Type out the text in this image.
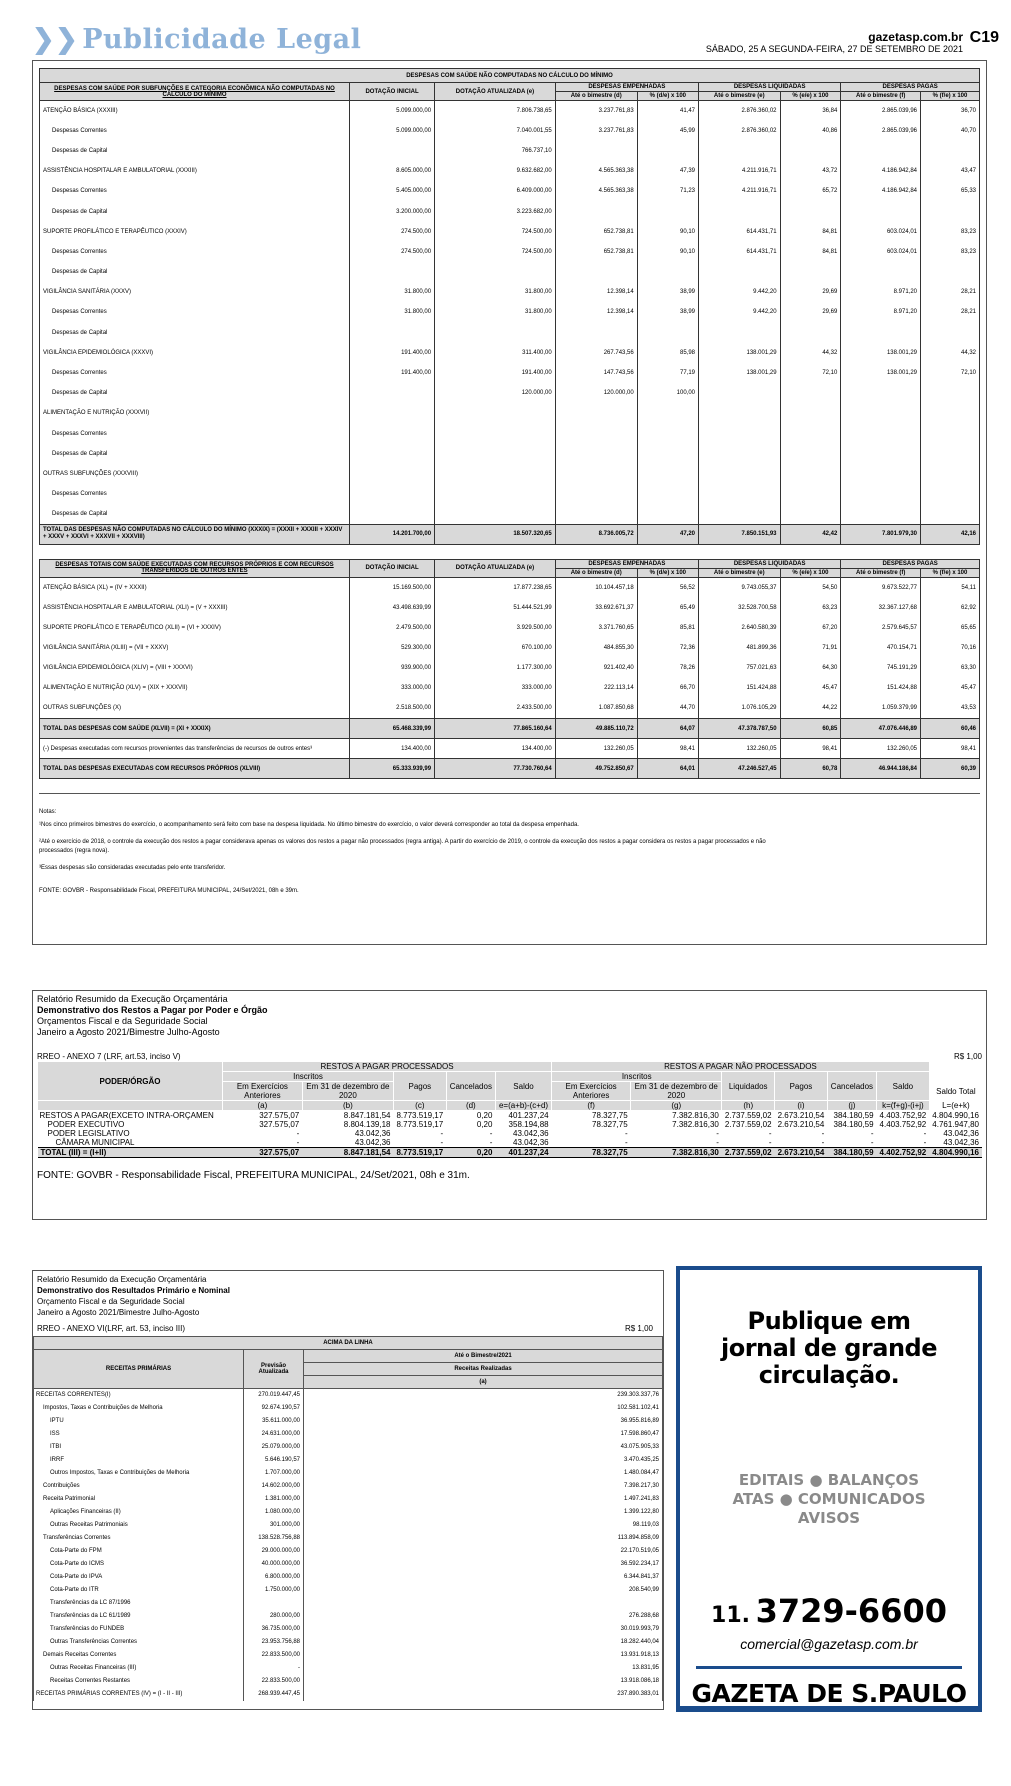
❯❯ Publicidade Legal	gazetasp.com.br
SÁBADO, 25 A SEGUNDA-FEIRA, 27 DE SETEMBRO DE 2021
C19
DESPESAS COM SAÚDE NÃO COMPUTADAS NO CÁLCULO DO MÍNIMO								
DESPESAS COM SAÚDE POR SUBFUNÇÕES E CATEGORIA ECONÔMICA NÃO COMPUTADAS NO CÁLCULO DO MÍNIMO	DOTAÇÃO INICIAL	DOTAÇÃO ATUALIZADA (e)	DESPESAS EMPENHADAS		DESPESAS LIQUIDADAS		DESPESAS PAGAS	
			Até o bimestre (d)	% (d/e) x 100	Até o bimestre (e)	% (e/e) x 100	Até o bimestre (f)	% (f/e) x 100
ATENÇÃO BÁSICA (XXXIII)	5.099.000,00	7.806.738,65	3.237.761,83	41,47	2.876.360,02	36,84	2.865.039,96	36,70
Despesas Correntes	5.099.000,00	7.040.001,55	3.237.761,83	45,99	2.876.360,02	40,86	2.865.039,96	40,70
Despesas de Capital		766.737,10						
ASSISTÊNCIA HOSPITALAR E AMBULATORIAL (XXXIII)	8.605.000,00	9.632.682,00	4.565.363,38	47,39	4.211.916,71	43,72	4.186.942,84	43,47
Despesas Correntes	5.405.000,00	6.409.000,00	4.565.363,38	71,23	4.211.916,71	65,72	4.186.942,84	65,33
Despesas de Capital	3.200.000,00	3.223.682,00						
SUPORTE PROFILÁTICO E TERAPÊUTICO (XXXIV)	274.500,00	724.500,00	652.738,81	90,10	614.431,71	84,81	603.024,01	83,23
Despesas Correntes	274.500,00	724.500,00	652.738,81	90,10	614.431,71	84,81	603.024,01	83,23
Despesas de Capital								
VIGILÂNCIA SANITÁRIA (XXXV)	31.800,00	31.800,00	12.398,14	38,99	9.442,20	29,69	8.971,20	28,21
Despesas Correntes	31.800,00	31.800,00	12.398,14	38,99	9.442,20	29,69	8.971,20	28,21
Despesas de Capital								
VIGILÂNCIA EPIDEMIOLÓGICA (XXXVI)	191.400,00	311.400,00	267.743,56	85,98	138.001,29	44,32	138.001,29	44,32
Despesas Correntes	191.400,00	191.400,00	147.743,56	77,19	138.001,29	72,10	138.001,29	72,10
Despesas de Capital		120.000,00	120.000,00	100,00				
ALIMENTAÇÃO E NUTRIÇÃO (XXXVII)								
Despesas Correntes								
Despesas de Capital								
OUTRAS SUBFUNÇÕES (XXXVIII)								
Despesas Correntes								
Despesas de Capital								
TOTAL DAS DESPESAS NÃO COMPUTADAS NO CÁLCULO DO MÍNIMO (XXXIX) = (XXXII + XXXIII + XXXIV + XXXV + XXXVI + XXXVII + XXXVIII)	14.201.700,00	18.507.320,65	8.736.005,72	47,20	7.850.151,93	42,42	7.801.979,30	42,16
DESPESAS TOTAIS COM SAÚDE EXECUTADAS COM RECURSOS PRÓPRIOS E COM RECURSOS TRANSFERIDOS DE OUTROS ENTES	DOTAÇÃO INICIAL	DOTAÇÃO ATUALIZADA (e)	DESPESAS EMPENHADAS		DESPESAS LIQUIDADAS		DESPESAS PAGAS	
			Até o bimestre (d)	% (d/e) x 100	Até o bimestre (e)	% (e/e) x 100	Até o bimestre (f)	% (f/e) x 100
ATENÇÃO BÁSICA (XL) = (IV + XXXII)	15.169.500,00	17.877.238,65	10.104.457,18	56,52	9.743.055,37	54,50	9.673.522,77	54,11
ASSISTÊNCIA HOSPITALAR E AMBULATORIAL (XLI) = (V + XXXIII)	43.498.639,99	51.444.521,99	33.692.671,37	65,49	32.528.700,58	63,23	32.367.127,68	62,92
SUPORTE PROFILÁTICO E TERAPÊUTICO (XLII) = (VI + XXXIV)	2.479.500,00	3.929.500,00	3.371.760,65	85,81	2.640.580,39	67,20	2.579.645,57	65,65
VIGILÂNCIA SANITÁRIA (XLIII) = (VII + XXXV)	529.300,00	670.100,00	484.855,30	72,36	481.899,36	71,91	470.154,71	70,16
VIGILÂNCIA EPIDEMIOLÓGICA (XLIV) = (VIII + XXXVI)	939.900,00	1.177.300,00	921.402,40	78,26	757.021,63	64,30	745.191,29	63,30
ALIMENTAÇÃO E NUTRIÇÃO (XLV) = (XIX + XXXVII)	333.000,00	333.000,00	222.113,14	66,70	151.424,88	45,47	151.424,88	45,47
OUTRAS SUBFUNÇÕES (X)	2.518.500,00	2.433.500,00	1.087.850,68	44,70	1.076.105,29	44,22	1.059.379,99	43,53
TOTAL DAS DESPESAS COM SAÚDE (XLVII) = (XI + XXXIX)	65.468.339,99	77.865.160,64	49.885.110,72	64,07	47.378.787,50	60,85	47.076.446,89	60,46
(-) Despesas executadas com recursos provenientes das transferências de recursos de outros entes³	134.400,00	134.400,00	132.260,05	98,41	132.260,05	98,41	132.260,05	98,41
TOTAL DAS DESPESAS EXECUTADAS COM RECURSOS PRÓPRIOS (XLVIII)	65.333.939,99	77.730.760,64	49.752.850,67	64,01	47.246.527,45	60,78	46.944.186,84	60,39
Notas:
¹Nos cinco primeiros bimestres do exercício, o acompanhamento será feito com base na despesa liquidada. No último bimestre do exercício, o valor deverá corresponder ao total da despesa empenhada.
²Até o exercício de 2018, o controle da execução dos restos a pagar considerava apenas os valores dos restos a pagar não processados (regra antiga). A partir do exercício de 2019, o controle da execução dos restos a pagar considera os restos a pagar processados e não processados (regra nova).
³Essas despesas são consideradas executadas pelo ente transferidor.
FONTE: GOVBR - Responsabilidade Fiscal, PREFEITURA MUNICIPAL, 24/Set/2021, 08h e 39m.
Relatório Resumido da Execução Orçamentária
Demonstrativo dos Restos a Pagar por Poder e Órgão
Orçamentos Fiscal e da Seguridade Social
Janeiro a Agosto 2021/Bimestre Julho-Agosto
RREO - ANEXO 7 (LRF, art.53, inciso V)	R$ 1,00
PODER/ÓRGÃO	RESTOS A PAGAR PROCESSADOS					RESTOS A PAGAR NÃO PROCESSADOS						
	Inscritos		Pagos	Cancelados	Saldo	Inscritos		Liquidados	Pagos	Cancelados	Saldo	
	Em Exercícios Anteriores	Em 31 de dezembro de 2020				Em Exercícios Anteriores	Em 31 de dezembro de 2020					Saldo Total
	(a)	(b)	(c)	(d)	e=(a+b)-(c+d)	(f)	(g)	(h)	(i)	(j)	k=(f+g)-(i+j)	L=(e+k)
RESTOS A PAGAR(EXCETO INTRA-ORÇAMEN	327.575,07	8.847.181,54	8.773.519,17	0,20	401.237,24	78.327,75	7.382.816,30	2.737.559,02	2.673.210,54	384.180,59	4.403.752,92	4.804.990,16
PODER EXECUTIVO	327.575,07	8.804.139,18	8.773.519,17	0,20	358.194,88	78.327,75	7.382.816,30	2.737.559,02	2.673.210,54	384.180,59	4.403.752,92	4.761.947,80
PODER LEGISLATIVO	-	43.042,36	-	-	43.042,36	-	-	-	-	-	-	43.042,36
CÂMARA MUNICIPAL	-	43.042,36	-	-	43.042,36	-	-	-	-	-	-	43.042,36
TOTAL (III) = (I+II)	327.575,07	8.847.181,54	8.773.519,17	0,20	401.237,24	78.327,75	7.382.816,30	2.737.559,02	2.673.210,54	384.180,59	4.402.752,92	4.804.990,16
FONTE: GOVBR - Responsabilidade Fiscal, PREFEITURA MUNICIPAL, 24/Set/2021, 08h e 31m.
Relatório Resumido da Execução Orçamentária
Demonstrativo dos Resultados Primário e Nominal
Orçamento Fiscal e da Seguridade Social
Janeiro a Agosto 2021/Bimestre Julho-Agosto
RREO - ANEXO VI(LRF, art. 53, inciso III)	R$ 1,00
ACIMA DA LINHA		
RECEITAS PRIMÁRIAS	Previsão Atualizada	Até o Bimestre/2021
		Receitas Realizadas
		(a)
RECEITAS CORRENTES(I)	270.019.447,45	239.303.337,76
Impostos, Taxas e Contribuições de Melhoria	92.674.190,57	102.581.102,41
IPTU	35.611.000,00	36.955.816,89
ISS	24.631.000,00	17.598.860,47
ITBI	25.079.000,00	43.075.905,33
IRRF	5.646.190,57	3.470.435,25
Outros Impostos, Taxas e Contribuições de Melhoria	1.707.000,00	1.480.084,47
Contribuições	14.602.000,00	7.398.217,30
Receita Patrimonial	1.381.000,00	1.497.241,83
Aplicações Financeiras (II)	1.080.000,00	1.399.122,80
Outras Receitas Patrimoniais	301.000,00	98.119,03
Transferências Correntes	138.528.756,88	113.894.858,09
Cota-Parte do FPM	29.000.000,00	22.170.519,05
Cota-Parte do ICMS	40.000.000,00	36.592.234,17
Cota-Parte do IPVA	6.800.000,00	6.344.841,37
Cota-Parte do ITR	1.750.000,00	208.540,99
Transferências da LC 87/1996		
Transferências da LC 61/1989	280.000,00	276.288,68
Transferências do FUNDEB	36.735.000,00	30.019.993,79
Outras Transferências Correntes	23.953.756,88	18.282.440,04
Demais Receitas Correntes	22.833.500,00	13.931.918,13
Outras Receitas Financeiras (III)	-	13.831,95
Receitas Correntes Restantes	22.833.500,00	13.918.086,18
RECEITAS PRIMÁRIAS CORRENTES (IV) = (I - II - III)	268.939.447,45	237.890.383,01
Publique em
jornal de grande
circulação.
EDITAIS ● BALANÇOS
ATAS ● COMUNICADOS
AVISOS
11. 3729-6600
comercial@gazetasp.com.br
GAZETA DE S.PAULO
